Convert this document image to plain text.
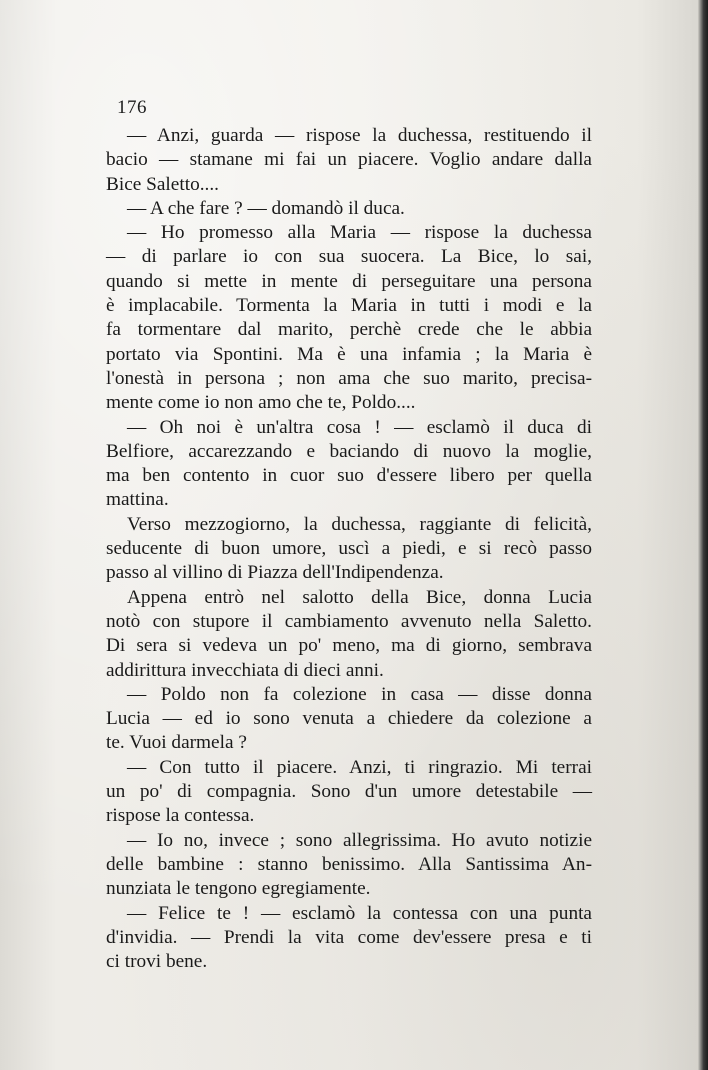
176
— Anzi, guarda — rispose la duchessa, restituendo il
bacio — stamane mi fai un piacere. Voglio andare dalla
Bice Saletto....
— A che fare ? — domandò il duca.
— Ho promesso alla Maria — rispose la duchessa
— di parlare io con sua suocera. La Bice, lo sai,
quando si mette in mente di perseguitare una persona
è implacabile. Tormenta la Maria in tutti i modi e la
fa tormentare dal marito, perchè crede che le abbia
portato via Spontini. Ma è una infamia ; la Maria è
l'onestà in persona ; non ama che suo marito, precisa-
mente come io non amo che te, Poldo....
— Oh noi è un'altra cosa ! — esclamò il duca di
Belfiore, accarezzando e baciando di nuovo la moglie,
ma ben contento in cuor suo d'essere libero per quella
mattina.
Verso mezzogiorno, la duchessa, raggiante di felicità,
seducente di buon umore, uscì a piedi, e si recò passo
passo al villino di Piazza dell'Indipendenza.
Appena entrò nel salotto della Bice, donna Lucia
notò con stupore il cambiamento avvenuto nella Saletto.
Di sera si vedeva un po' meno, ma di giorno, sembrava
addirittura invecchiata di dieci anni.
— Poldo non fa colezione in casa — disse donna
Lucia — ed io sono venuta a chiedere da colezione a
te. Vuoi darmela ?
— Con tutto il piacere. Anzi, ti ringrazio. Mi terrai
un po' di compagnia. Sono d'un umore detestabile —
rispose la contessa.
— Io no, invece ; sono allegrissima. Ho avuto notizie
delle bambine : stanno benissimo. Alla Santissima An-
nunziata le tengono egregiamente.
— Felice te ! — esclamò la contessa con una punta
d'invidia. — Prendi la vita come dev'essere presa e ti
ci trovi bene.
